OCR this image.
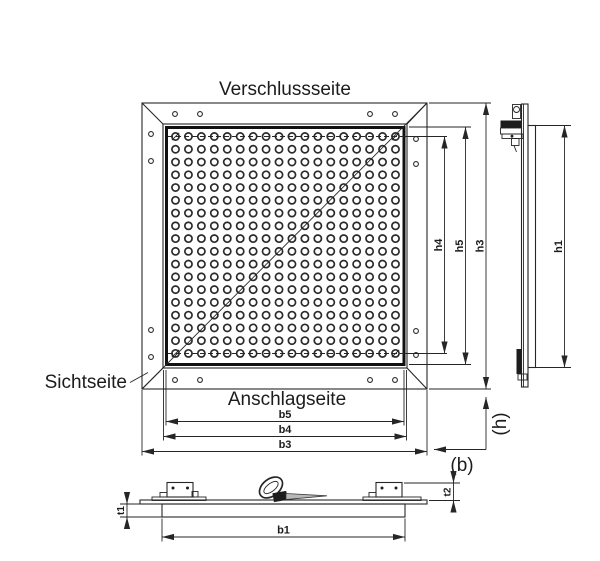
Verschlussseite
Anschlagseite
Sichtseite
h4 h5 h3
b5
b4
b3
(b)
(h)
h1
t1
t2
b1
